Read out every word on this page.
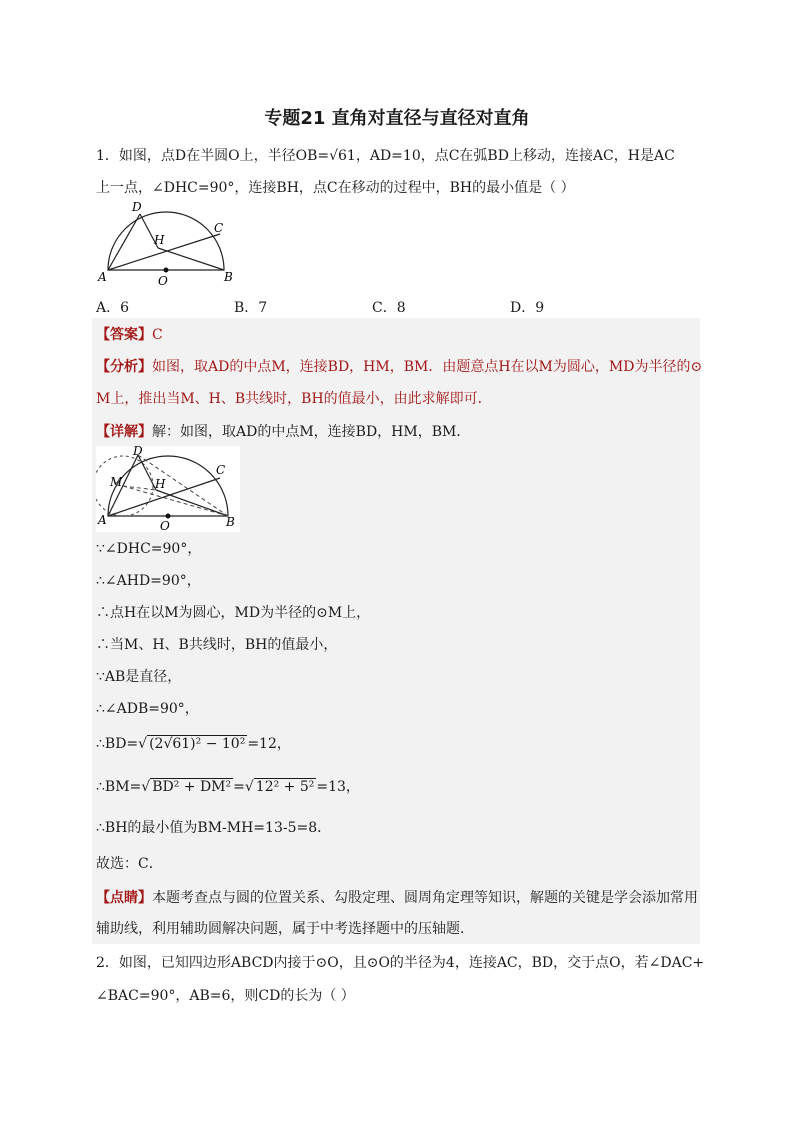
专题21 直角对直径与直径对直角
1．如图，点D在半圆O上，半径OB=√61，AD=10，点C在弧BD上移动，连接AC，H是AC
上一点，∠DHC=90°，连接BH，点C在移动的过程中，BH的最小值是（ ）
D
C
H
A	B
O
A．6	B．7	C．8	D．9
【答案】C
【分析】如图，取AD的中点M，连接BD，HM，BM．由题意点H在以M为圆心，MD为半径的⊙
M上，推出当M、H、B共线时，BH的值最小，由此求解即可．
【详解】解：如图，取AD的中点M，连接BD，HM，BM．
D
C
M	H
A	B
O
∵∠DHC=90°，
∴∠AHD=90°，
∴点H在以M为圆心，MD为半径的⊙M上，
∴当M、H、B共线时，BH的值最小，
∵AB是直径，
∴∠ADB=90°，
∴BD=√ (2√61)² − 10² =12，
∴BM=√ BD² + DM² =√ 12² + 5² =13，
∴BH的最小值为BM-MH=13-5=8．
故选：C．
【点睛】本题考查点与圆的位置关系、勾股定理、圆周角定理等知识，解题的关键是学会添加常用
辅助线，利用辅助圆解决问题，属于中考选择题中的压轴题．
2．如图，已知四边形ABCD内接于⊙O，且⊙O的半径为4，连接AC，BD，交于点O，若∠DAC+
∠BAC=90°，AB=6，则CD的长为（ ）
